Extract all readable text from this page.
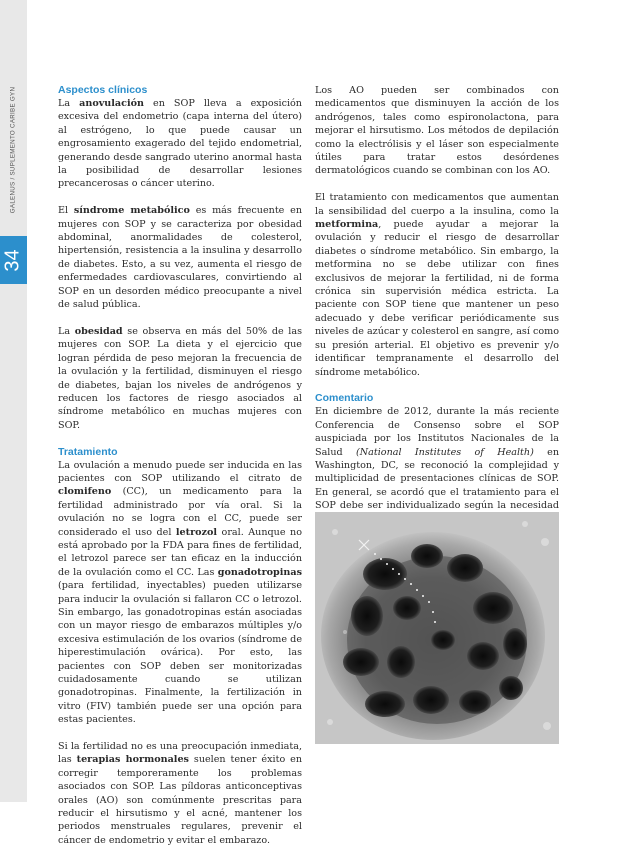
GALENUS / SUPLEMENTO CARIBE GYN
34
Aspectos clínicos

La anovulación en SOP lleva a exposición excesiva del endometrio (capa interna del útero) al estrógeno, lo que puede causar un engrosamiento exagerado del tejido endometrial, generando desde sangrado uterino anormal hasta la posibilidad de desarrollar lesiones precancerosas o cáncer uterino.

El síndrome metabólico es más frecuente en mujeres con SOP y se caracteriza por obesidad abdominal, anormalidades de colesterol, hipertensión, resistencia a la insulina y desarrollo de diabetes. Esto, a su vez, aumenta el riesgo de enfermedades cardiovasculares, convirtiendo al SOP en un desorden médico preocupante a nivel de salud pública.

La obesidad se observa en más del 50% de las mujeres con SOP. La dieta y el ejercicio que logran pérdida de peso mejoran la frecuencia de la ovulación y la fertilidad, disminuyen el riesgo de diabetes, bajan los niveles de andrógenos y reducen los factores de riesgo asociados al síndrome metabólico en muchas mujeres con SOP.

Tratamiento

La ovulación a menudo puede ser inducida en las pacientes con SOP utilizando el citrato de clomifeno (CC), un medicamento para la fertilidad administrado por vía oral. Si la ovulación no se logra con el CC, puede ser considerado el uso del letrozol oral. Aunque no está aprobado por la FDA para fines de fertilidad, el letrozol parece ser tan eficaz en la inducción de la ovulación como el CC. Las gonadotropinas (para fertilidad, inyectables) pueden utilizarse para inducir la ovulación si fallaron CC o letrozol. Sin embargo, las gonadotropinas están asociadas con un mayor riesgo de embarazos múltiples y/o excesiva estimulación de los ovarios (síndrome de hiperestimulación ovárica). Por esto, las pacientes con SOP deben ser monitorizadas cuidadosamente cuando se utilizan gonadotropinas. Finalmente, la fertilización in vitro (FIV) también puede ser una opción para estas pacientes.

Si la fertilidad no es una preocupación inmediata, las terapias hormonales suelen tener éxito en corregir temporeramente los problemas asociados con SOP. Las píldoras anticonceptivas orales (AO) son comúnmente prescritas para reducir el hirsutismo y el acné, mantener los periodos menstruales regulares, prevenir el cáncer de endometrio y evitar el embarazo.

Los AO pueden ser combinados con medicamentos que disminuyen la acción de los andrógenos, tales como espironolactona, para mejorar el hirsutismo. Los métodos de depilación como la electrólisis y el láser son especialmente útiles para tratar estos desórdenes dermatológicos cuando se combinan con los AO.

El tratamiento con medicamentos que aumentan la sensibilidad del cuerpo a la insulina, como la metformina, puede ayudar a mejorar la ovulación y reducir el riesgo de desarrollar diabetes o síndrome metabólico. Sin embargo, la metformina no se debe utilizar con fines exclusivos de mejorar la fertilidad, ni de forma crónica sin supervisión médica estricta. La paciente con SOP tiene que mantener un peso adecuado y debe verificar periódicamente sus niveles de azúcar y colesterol en sangre, así como su presión arterial. El objetivo es prevenir y/o identificar tempranamente el desarrollo del síndrome metabólico.

Comentario

En diciembre de 2012, durante la más reciente Conferencia de Consenso sobre el SOP auspiciada por los Institutos Nacionales de la Salud (National Institutes of Health) en Washington, DC, se reconoció la complejidad y multiplicidad de presentaciones clínicas de SOP. En general, se acordó que el tratamiento para el SOP debe ser individualizado según la necesidad
